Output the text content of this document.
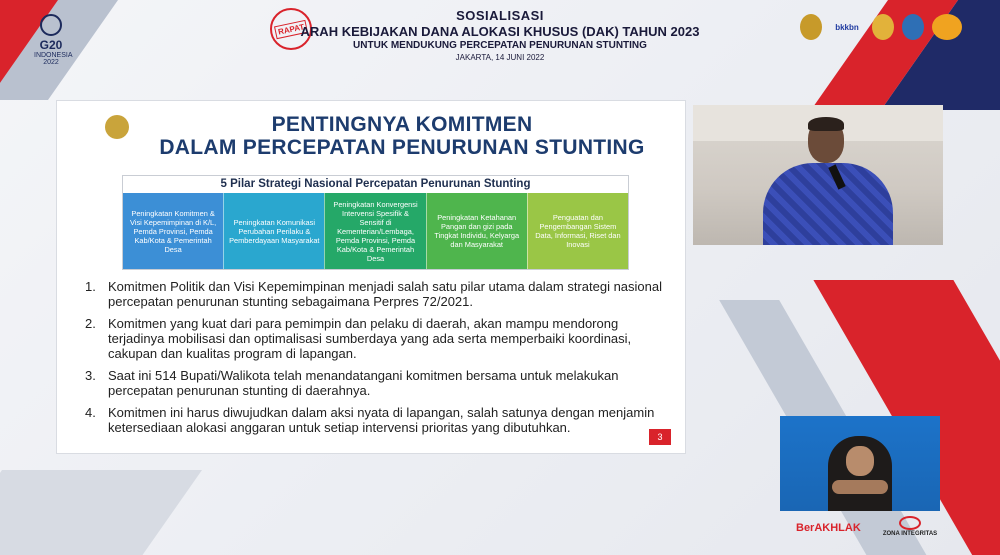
G20
INDONESIA 2022
RAPAT
SOSIALISASI
ARAH KEBIJAKAN DANA ALOKASI KHUSUS (DAK) TAHUN 2023
UNTUK MENDUKUNG PERCEPATAN PENURUNAN STUNTING
JAKARTA, 14 JUNI 2022
bkkbn
PENTINGNYA KOMITMEN
DALAM PERCEPATAN PENURUNAN STUNTING
5 Pilar Strategi Nasional Percepatan Penurunan Stunting
Peningkatan Komitmen & Visi Kepemimpinan di K/L, Pemda Provinsi, Pemda Kab/Kota & Pemerintah Desa
Peningkatan Komunikasi Perubahan Perilaku & Pemberdayaan Masyarakat
Peningkatan Konvergensi Intervensi Spesifik & Sensitif di Kementerian/Lembaga, Pemda Provinsi, Pemda Kab/Kota & Pemerintah Desa
Peningkatan Ketahanan Pangan dan gizi pada Tingkat Individu, Kelyarga dan Masyarakat
Penguatan dan Pengembangan Sistem Data, Informasi, Riset dan Inovasi
1. Komitmen Politik dan Visi Kepemimpinan menjadi salah satu pilar utama dalam strategi nasional percepatan penurunan stunting sebagaimana Perpres 72/2021.
2. Komitmen yang kuat dari para pemimpin dan pelaku di daerah, akan mampu mendorong terjadinya mobilisasi dan optimalisasi sumberdaya yang ada serta memperbaiki koordinasi, cakupan dan kualitas program di lapangan.
3. Saat ini 514 Bupati/Walikota telah menandatangani komitmen bersama untuk melakukan percepatan penurunan stunting di daerahnya.
4. Komitmen ini harus diwujudkan dalam aksi nyata di lapangan, salah satunya dengan menjamin ketersediaan alokasi anggaran untuk setiap intervensi prioritas yang dibutuhkan.
3
BerAKHLAK	ZONA INTEGRITAS
